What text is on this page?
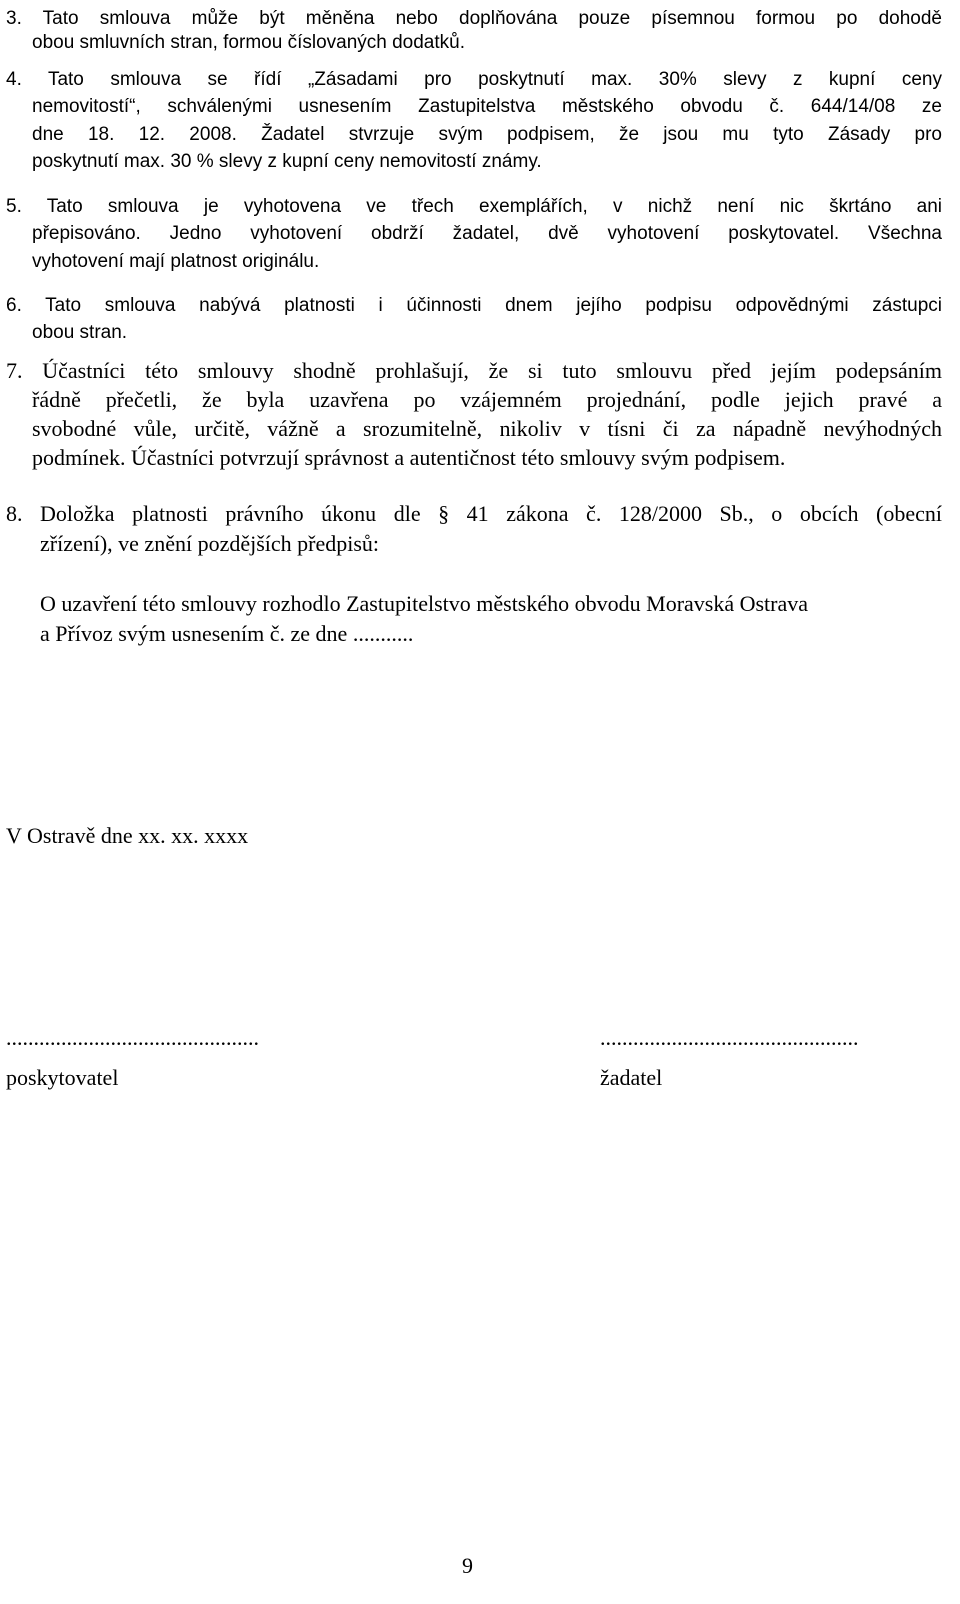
3. Tato smlouva může být měněna nebo doplňována pouze písemnou formou po dohodě

obou smluvních stran, formou číslovaných dodatků.

4. Tato smlouva se řídí „Zásadami pro poskytnutí max. 30% slevy z kupní ceny

nemovitostí“, schválenými usnesením Zastupitelstva městského obvodu č. 644/14/08 ze

dne 18. 12. 2008. Žadatel stvrzuje svým podpisem, že jsou mu tyto Zásady pro

poskytnutí max. 30 % slevy z kupní ceny nemovitostí známy.

5. Tato smlouva je vyhotovena ve třech exemplářích, v nichž není nic škrtáno ani

přepisováno. Jedno vyhotovení obdrží žadatel, dvě vyhotovení poskytovatel. Všechna

vyhotovení mají platnost originálu.

6. Tato smlouva nabývá platnosti i účinnosti dnem jejího podpisu odpovědnými zástupci

obou stran.

7. Účastníci této smlouvy shodně prohlašují, že si tuto smlouvu před jejím podepsáním

řádně přečetli, že byla uzavřena po vzájemném projednání, podle jejich pravé a

svobodné vůle, určitě, vážně a srozumitelně, nikoliv v tísni či za nápadně nevýhodných

podmínek. Účastníci potvrzují správnost a autentičnost této smlouvy svým podpisem.

8. Doložka platnosti právního úkonu dle § 41 zákona č. 128/2000 Sb., o obcích (obecní

zřízení), ve znění pozdějších předpisů:

O uzavření této smlouvy rozhodlo Zastupitelstvo městského obvodu Moravská Ostrava

a Přívoz svým usnesením č. ze dne ...........

V Ostravě dne xx. xx. xxxx

..............................................

poskytovatel

...............................................

žadatel

9
